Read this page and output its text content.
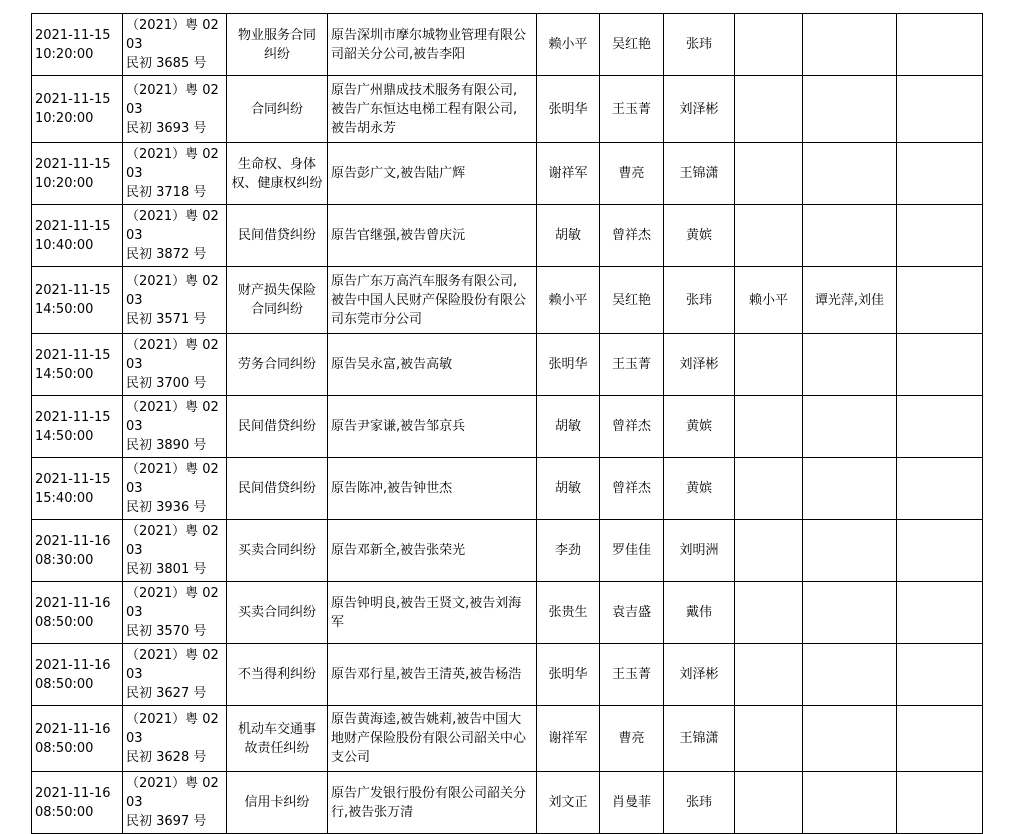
2021-11-15
10:20:00	（2021）粤 0203
民初 3685 号	物业服务合同
纠纷	原告深圳市摩尔城物业管理有限公
司韶关分公司,被告李阳	赖小平	吴红艳	张玮			

2021-11-15
10:20:00	（2021）粤 0203
民初 3693 号	合同纠纷	原告广州鼎成技术服务有限公司,
被告广东恒达电梯工程有限公司,
被告胡永芳	张明华	王玉菁	刘泽彬			

2021-11-15
10:20:00	（2021）粤 0203
民初 3718 号	生命权、身体
权、健康权纠纷	原告彭广文,被告陆广辉	谢祥军	曹亮	王锦潇			

2021-11-15
10:40:00	（2021）粤 0203
民初 3872 号	民间借贷纠纷	原告官继强,被告曾庆沅	胡敏	曾祥杰	黄嫔			

2021-11-15
14:50:00	（2021）粤 0203
民初 3571 号	财产损失保险
合同纠纷	原告广东万高汽车服务有限公司,
被告中国人民财产保险股份有限公
司东莞市分公司	赖小平	吴红艳	张玮	赖小平	谭光萍,刘佳	

2021-11-15
14:50:00	（2021）粤 0203
民初 3700 号	劳务合同纠纷	原告吴永富,被告高敏	张明华	王玉菁	刘泽彬			

2021-11-15
14:50:00	（2021）粤 0203
民初 3890 号	民间借贷纠纷	原告尹家谦,被告邹京兵	胡敏	曾祥杰	黄嫔			

2021-11-15
15:40:00	（2021）粤 0203
民初 3936 号	民间借贷纠纷	原告陈冲,被告钟世杰	胡敏	曾祥杰	黄嫔			

2021-11-16
08:30:00	（2021）粤 0203
民初 3801 号	买卖合同纠纷	原告邓新全,被告张荣光	李劲	罗佳佳	刘明洲			

2021-11-16
08:50:00	（2021）粤 0203
民初 3570 号	买卖合同纠纷	原告钟明良,被告王贤文,被告刘海
军	张贵生	袁吉盛	戴伟			

2021-11-16
08:50:00	（2021）粤 0203
民初 3627 号	不当得利纠纷	原告邓行星,被告王清英,被告杨浩	张明华	王玉菁	刘泽彬			

2021-11-16
08:50:00	（2021）粤 0203
民初 3628 号	机动车交通事
故责任纠纷	原告黄海逵,被告姚莉,被告中国大
地财产保险股份有限公司韶关中心
支公司	谢祥军	曹亮	王锦潇			

2021-11-16
08:50:00	（2021）粤 0203
民初 3697 号	信用卡纠纷	原告广发银行股份有限公司韶关分
行,被告张万清	刘文正	肖曼菲	张玮			
